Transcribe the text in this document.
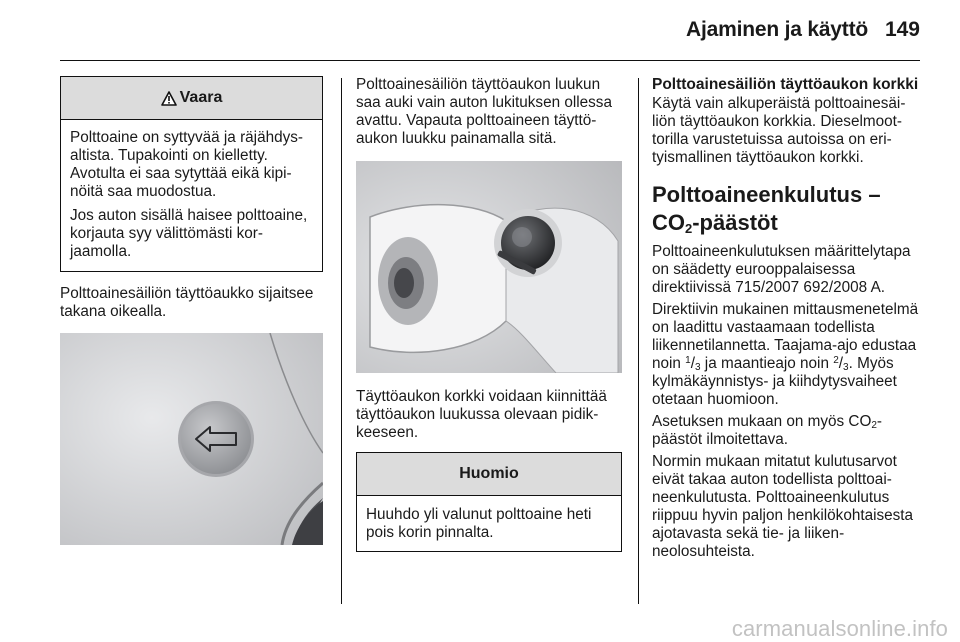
Ajaminen ja käyttö 149
Vaara

Polttoaine on syttyvää ja räjähdysaltista. Tupakointi on kielletty. Avotulta ei saa sytyttää eikä kipinöitä saa muodostua.

Jos auton sisällä haisee polttoaine, korjauta syy välittömästi korjaamolla.

Polttoainesäiliön täyttöaukko sijaitsee takana oikealla.

Polttoainesäiliön täyttöaukon luukun saa auki vain auton lukituksen ollessa avattu. Vapauta polttoaineen täyttöaukon luukku painamalla sitä.

Täyttöaukon korkki voidaan kiinnittää täyttöaukon luukussa olevaan pidikkeeseen.

Huomio

Huuhdo yli valunut polttoaine heti pois korin pinnalta.

Polttoainesäiliön täyttöaukon korkki

Käytä vain alkuperäistä polttoainesäiliön täyttöaukon korkkia. Dieselmoottorilla varustetuissa autoissa on erityismallinen täyttöaukon korkki.

Polttoaineenkulutus –
$CO_2$-päästöt

Polttoaineenkulutuksen määrittelytapa on säädetty eurooppalaisessa direktiivissä 715/2007 692/2008 A.

Direktiivin mukainen mittausmenetelmä on laadittu vastaamaan todellista liikennetilannetta. Taajama-ajo edustaa noin $^1/_3$ ja maantieajo noin $^2/_3$. Myös kylmäkäynnistys- ja kiihdytysvaiheet otetaan huomioon.

Asetuksen mukaan on myös $CO_2$-päästöt ilmoitettava.

Normin mukaan mitatut kulutusarvot eivät takaa auton todellista polttoaineenkulutusta. Polttoaineenkulutus riippuu hyvin paljon henkilökohtaisesta ajotavasta sekä tie- ja liikenneolosuhteista.

carmanualsonline.info
